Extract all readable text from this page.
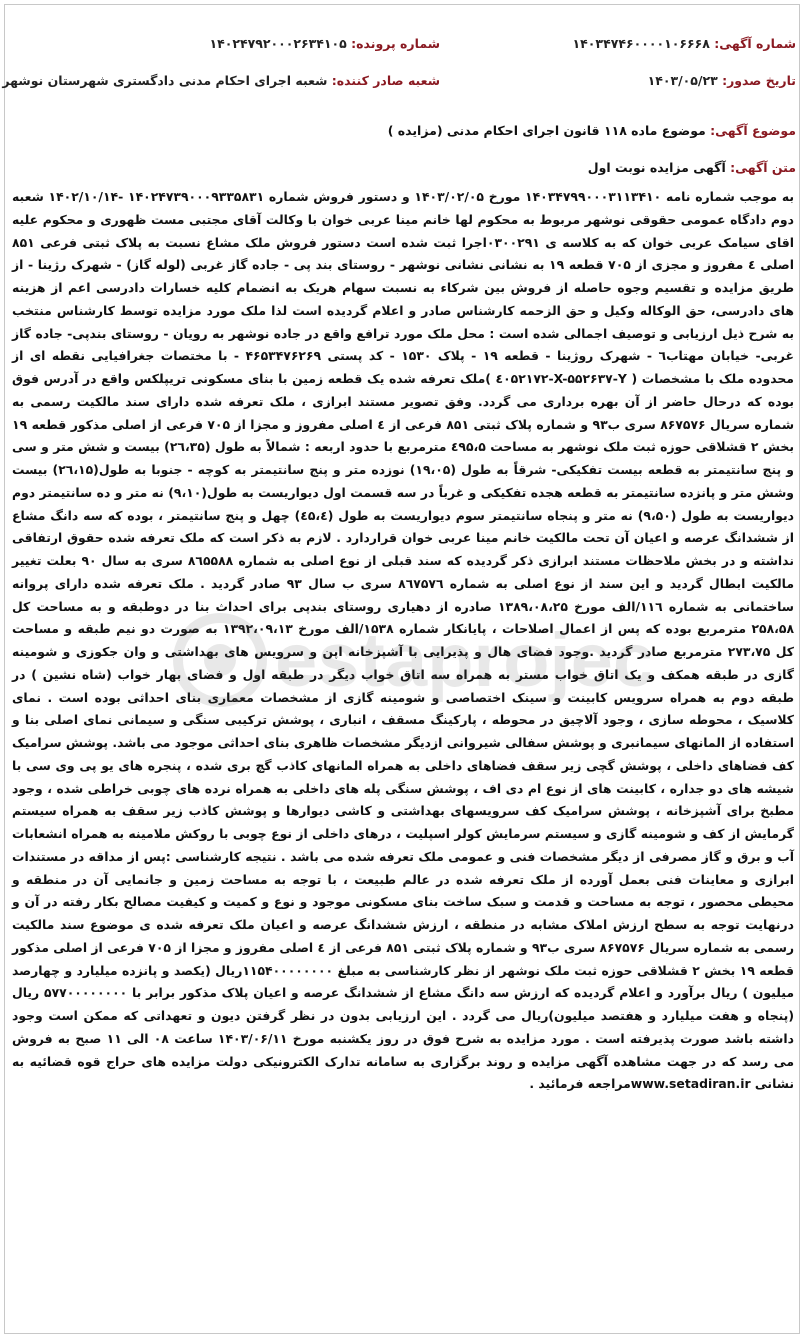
شماره آگهی: ۱۴۰۳۴۷۴۶۰۰۰۰۱۰۶۶۶۸
شماره پرونده: ۱۴۰۲۴۷۹۲۰۰۰۲۶۳۴۱۰۵
تاریخ صدور: ۱۴۰۳/۰۵/۲۳
شعبه صادر کننده: شعبه اجرای احکام مدنی دادگستری شهرستان نوشهر
موضوع آگهی: موضوع ماده ۱۱۸ قانون اجرای احکام مدنی (مزایده )
متن آگهی: آگهی مزایده نوبت اول

به موجب شماره نامه ۱۴۰۳۴۷۹۹۰۰۰۳۱۱۳۴۱۰ مورخ ۱۴۰۳/۰۲/۰۵ و دستور فروش شماره ۱۴۰۲۴۷۳۹۰۰۰۹۳۳۵۸۳۱ -۱۴۰۲/۱۰/۱۴ شعبه دوم دادگاه عمومی حقوقی نوشهر مربوط به محکوم لها خانم مینا عربی خوان با وکالت آقای مجتبی مست ظهوری و محکوم علیه اقای سیامک عربی خوان که به کلاسه ی ۰۳۰۰۲۹۱اجرا ثبت شده است دستور فروش ملک مشاع نسبت به پلاک ثبتی فرعی ۸۵۱ اصلی ٤ مفروز و مجزی از ۷۰۵ قطعه ۱۹ به نشانی نشانی نوشهر - روستای بند پی - جاده گاز غربی (لوله گاز) - شهرک رژینا - از طریق مزایده و تقسیم وجوه حاصله از فروش بین شرکاء به نسبت سهام هریک به انضمام کلیه خسارات دادرسی اعم از هزینه های دادرسی، حق الوکاله وکیل و حق الزحمه کارشناس صادر و اعلام گردیده است لذا ملک مورد مزایده توسط کارشناس منتخب به شرح ذیل ارزیابی و توصیف اجمالی شده است : محل ملک مورد ترافع واقع در جاده نوشهر به رویان - روستای بندپی- جاده گاز غربی- خیابان مهتاب٦ - شهرک روژینا - قطعه ۱۹ - پلاک ۱۵۳۰ - کد پستی ۴۶۵۳۴۷۶۲۶۹ - با مختصات جغرافیایی نقطه ای از محدوده ملک با مشخصات ( X-۵۵۲۶۳۷-Y-٤٠۵۲۱۷۲ )ملک تعرفه شده یک قطعه زمین با بنای مسکونی تریپلکس واقع در آدرس فوق بوده که درحال حاضر از آن بهره برداری می گردد. وفق تصویر مستند ابرازی ، ملک تعرفه شده دارای سند مالکیت رسمی به شماره سریال ۸۶۷۵۷۶ سری ب۹۳ و شماره پلاک ثبتی ۸۵۱ فرعی از ٤ اصلی مفروز و مجزا از ۷۰۵ فرعی از اصلی مذکور قطعه ۱۹ بخش ۲ قشلاقی حوزه ثبت ملک نوشهر به مساحت ٤۹۵،۵ مترمربع با حدود اربعه : شمالاً به طول (۲٦،۳۵) بیست و شش متر و سی و پنج سانتیمتر به قطعه بیست تفکیکی- شرقاً به طول (۱۹،۰۵) نوزده متر و پنج سانتیمتر به کوچه - جنوبا به طول(۲٦،۱۵) بیست وشش متر و پانزده سانتیمتر به قطعه هجده تفکیکی و غرباً در سه قسمت اول دیواریست به طول(۹،۱۰) نه متر و ده سانتیمتر دوم دیواریست به طول (۹،۵۰) نه متر و پنجاه سانتیمتر سوم دیواریست به طول (٤۵،٤) چهل و پنج سانتیمتر ، بوده که سه دانگ مشاع از ششدانگ عرصه و اعیان آن تحت مالکیت خانم مینا عربی خوان قراردارد . لازم به ذکر است که ملک تعرفه شده حقوق ارتفاقی نداشته و در بخش ملاحظات مستند ابرازی ذکر گردیده که سند قبلی از نوع اصلی به شماره ۸٦۵۵۸۸ سری به سال ۹۰ بعلت تغییر مالکیت ابطال گردید و این سند از نوع اصلی به شماره ۸٦۷۵۷٦ سری ب سال ۹۳ صادر گردید . ملک تعرفه شده دارای پروانه ساختمانی به شماره ۱۱٦/الف مورخ ۱۳۸۹،۰۸،۲۵ صادره از دهیاری روستای بندپی برای احداث بنا در دوطبقه و به مساحت کل ۲۵۸،۵۸ مترمربع بوده که پس از اعمال اصلاحات ، پایانکار شماره ۱۵۳۸/الف مورخ ۱۳۹۲،۰۹،۱۳ به صورت دو نیم طبقه و مساحت کل ۲۷۳،۷۵ مترمربع صادر گردید .وجود فضای هال و پذیرایی با آشپزخانه اپن و سرویس های بهداشتی و وان جکوزی و شومینه گازی در طبقه همکف و یک اتاق خواب مستر به همراه سه اتاق خواب دیگر در طبقه اول و فضای بهار خواب (شاه نشین ) در طبقه دوم به همراه سرویس کابینت و سینک اختصاصی و شومینه گازی از مشخصات معماری بنای احداثی بوده است . نمای کلاسیک ، محوطه سازی ، وجود آلاچیق در محوطه ، پارکینگ مسقف ، انباری ، پوشش ترکیبی سنگی و سیمانی نمای اصلی بنا و استفاده از المانهای سیمانبری و پوشش سفالی شیروانی ازدیگر مشخصات ظاهری بنای احداثی موجود می باشد. پوشش سرامیک کف فضاهای داخلی ، پوشش گچی زیر سقف فضاهای داخلی به همراه المانهای کاذب گچ بری شده ، پنجره های یو پی وی سی با شیشه های دو جداره ، کابینت های از نوع ام دی اف ، پوشش سنگی پله های داخلی به همراه نرده های چوبی خراطی شده ، وجود مطبخ برای آشپزخانه ، پوشش سرامیک کف سرویسهای بهداشتی و کاشی دیوارها و پوشش کاذب زیر سقف به همراه سیستم گرمایش از کف و شومینه گازی و سیستم سرمایش کولر اسپلیت ، درهای داخلی از نوع چوبی با روکش ملامینه به همراه انشعابات آب و برق و گاز مصرفی از دیگر مشخصات فنی و عمومی ملک تعرفه شده می باشد . نتیجه کارشناسی :پس از مداقه در مستندات ابرازی و معاینات فنی بعمل آورده از ملک تعرفه شده در عالم طبیعت ، با توجه به مساحت زمین و جانمایی آن در منطقه و محیطی محصور ، توجه به مساحت و قدمت و سبک ساخت بنای مسکونی موجود و نوع و کمیت و کیفیت مصالح بکار رفته در آن و درنهایت توجه به سطح ارزش املاک مشابه در منطقه ، ارزش ششدانگ عرصه و اعیان ملک تعرفه شده ی موضوع سند مالکیت رسمی به شماره سریال ۸۶۷۵۷۶ سری ب۹۳ و شماره پلاک ثبتی ۸۵۱ فرعی از ٤ اصلی مفروز و مجزا از ۷۰۵ فرعی از اصلی مذکور قطعه ۱۹ بخش ۲ قشلاقی حوزه ثبت ملک نوشهر از نظر کارشناسی به مبلغ ۱۱۵۴۰۰۰۰۰۰۰۰ریال (یکصد و پانزده میلیارد و چهارصد میلیون ) ریال برآورد و اعلام گردیده که ارزش سه دانگ مشاع از ششدانگ عرصه و اعیان پلاک مذکور برابر با ۵۷۷۰۰۰۰۰۰۰۰ ریال (پنجاه و هفت میلیارد و هفتصد میلیون)ریال می گردد . این ارزیابی بدون در نظر گرفتن دیون و تعهداتی که ممکن است وجود داشته باشد صورت پذیرفته است . مورد مزایده به شرح فوق در روز یکشنبه مورخ ۱۴۰۳/۰۶/۱۱ ساعت ۰۸ الی ۱۱ صبح به فروش می رسد که در جهت مشاهده آگهی مزایده و روند برگزاری به سامانه تدارک الکترونیکی دولت مزایده های حراج قوه قضائیه به نشانی www.setadiran.irمراجعه فرمائید .

estaprojec
